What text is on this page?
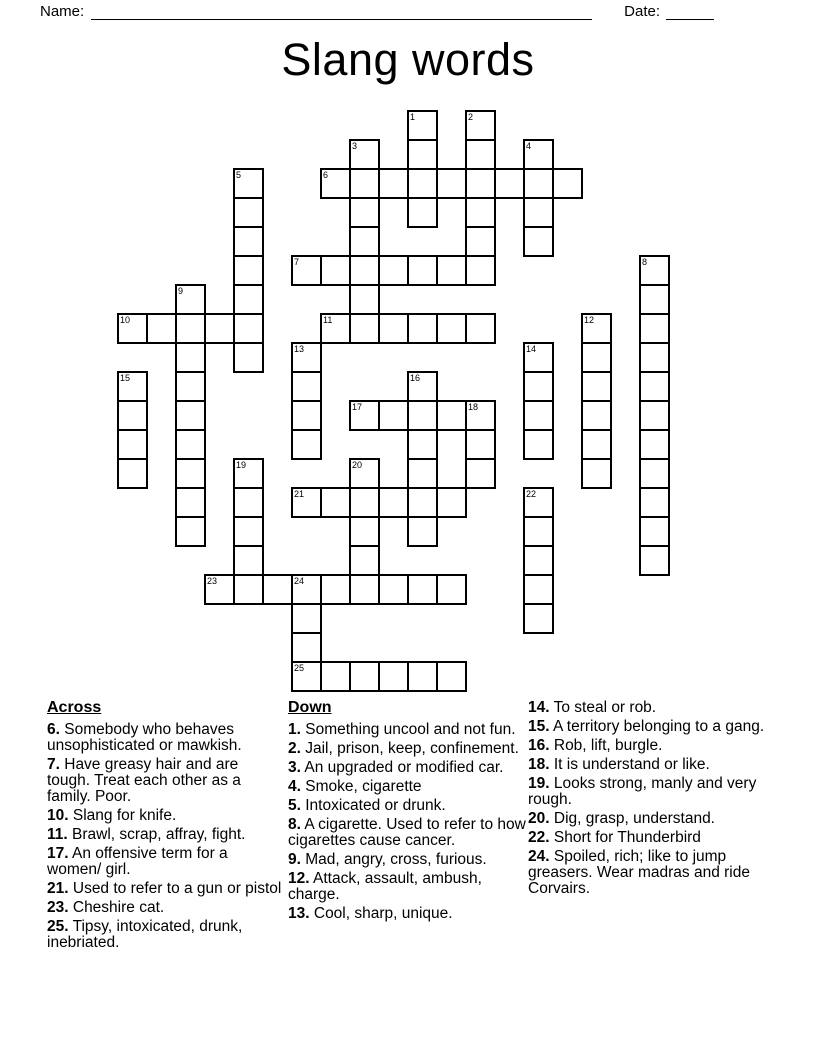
Name:	Date:
Slang words
1	2
3	4
5	6
7	8
9
10	11	12
13	14
15	16
17	18
19	20
21	22
23	24
25

Across

6. Somebody who behaves unsophisticated or mawkish.

7. Have greasy hair and are tough. Treat each other as a family. Poor.

10. Slang for knife.

11. Brawl, scrap, affray, fight.

17. An offensive term for a women/ girl.

21. Used to refer to a gun or pistol

23. Cheshire cat.

25. Tipsy, intoxicated, drunk, inebriated.

Down

1. Something uncool and not fun.

2. Jail, prison, keep, confinement.

3. An upgraded or modified car.

4. Smoke, cigarette

5. Intoxicated or drunk.

8. A cigarette. Used to refer to how cigarettes cause cancer.

9. Mad, angry, cross, furious.

12. Attack, assault, ambush, charge.

13. Cool, sharp, unique.

14. To steal or rob.

15. A territory belonging to a gang.

16. Rob, lift, burgle.

18. It is understand or like.

19. Looks strong, manly and very rough.

20. Dig, grasp, understand.

22. Short for Thunderbird

24. Spoiled, rich; like to jump greasers. Wear madras and ride Corvairs.
